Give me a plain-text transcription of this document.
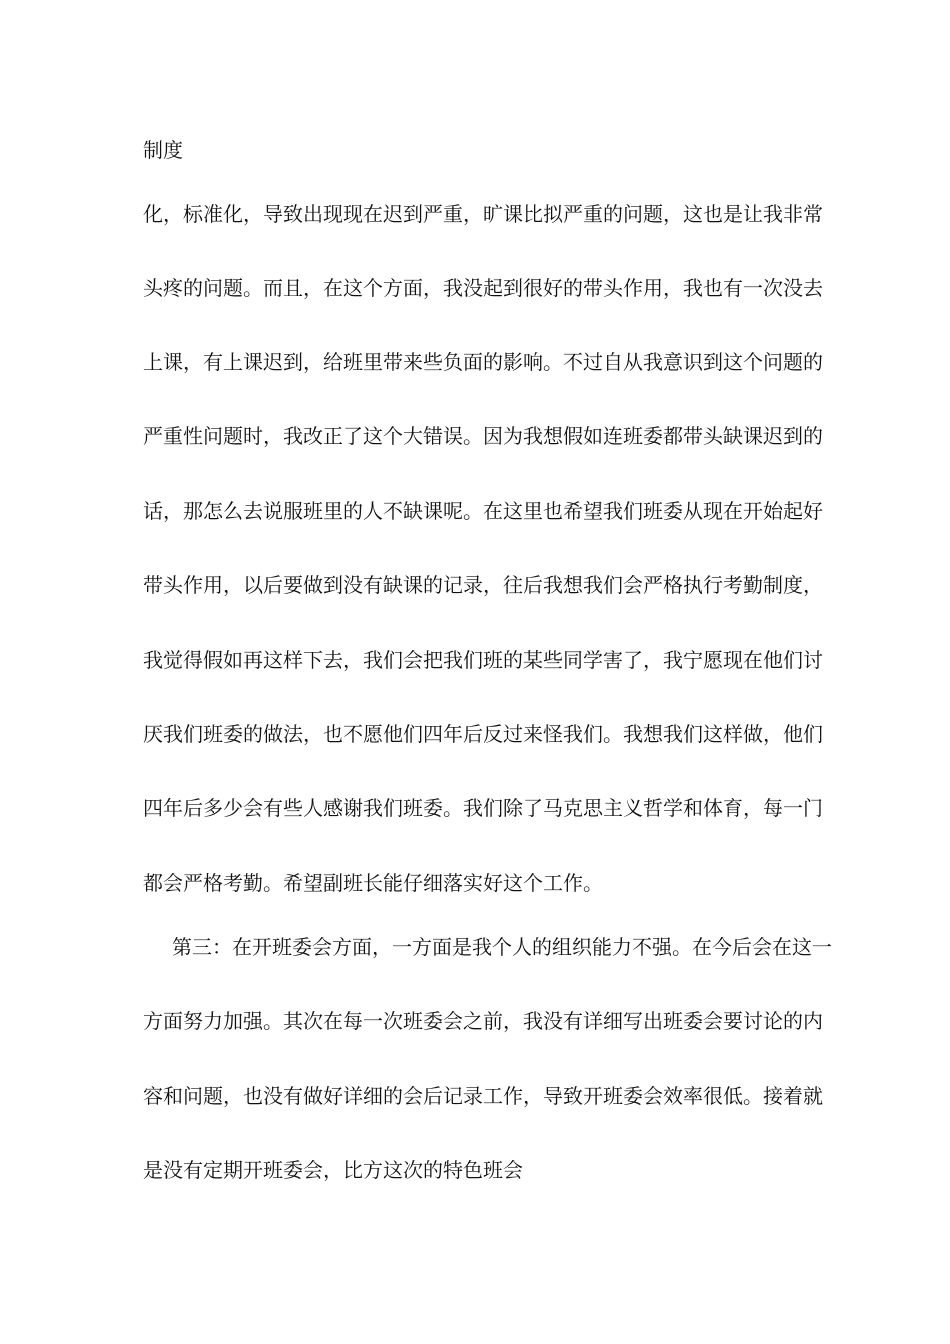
制度
化，标准化，导致出现现在迟到严重，旷课比拟严重的问题，这也是让我非常
头疼的问题。而且，在这个方面，我没起到很好的带头作用，我也有一次没去
上课，有上课迟到，给班里带来些负面的影响。不过自从我意识到这个问题的
严重性问题时，我改正了这个大错误。因为我想假如连班委都带头缺课迟到的
话，那怎么去说服班里的人不缺课呢。在这里也希望我们班委从现在开始起好
带头作用，以后要做到没有缺课的记录，往后我想我们会严格执行考勤制度，
我觉得假如再这样下去，我们会把我们班的某些同学害了，我宁愿现在他们讨
厌我们班委的做法，也不愿他们四年后反过来怪我们。我想我们这样做，他们
四年后多少会有些人感谢我们班委。我们除了马克思主义哲学和体育，每一门
都会严格考勤。希望副班长能仔细落实好这个工作。
第三：在开班委会方面，一方面是我个人的组织能力不强。在今后会在这一
方面努力加强。其次在每一次班委会之前，我没有详细写出班委会要讨论的内
容和问题，也没有做好详细的会后记录工作，导致开班委会效率很低。接着就
是没有定期开班委会，比方这次的特色班会
